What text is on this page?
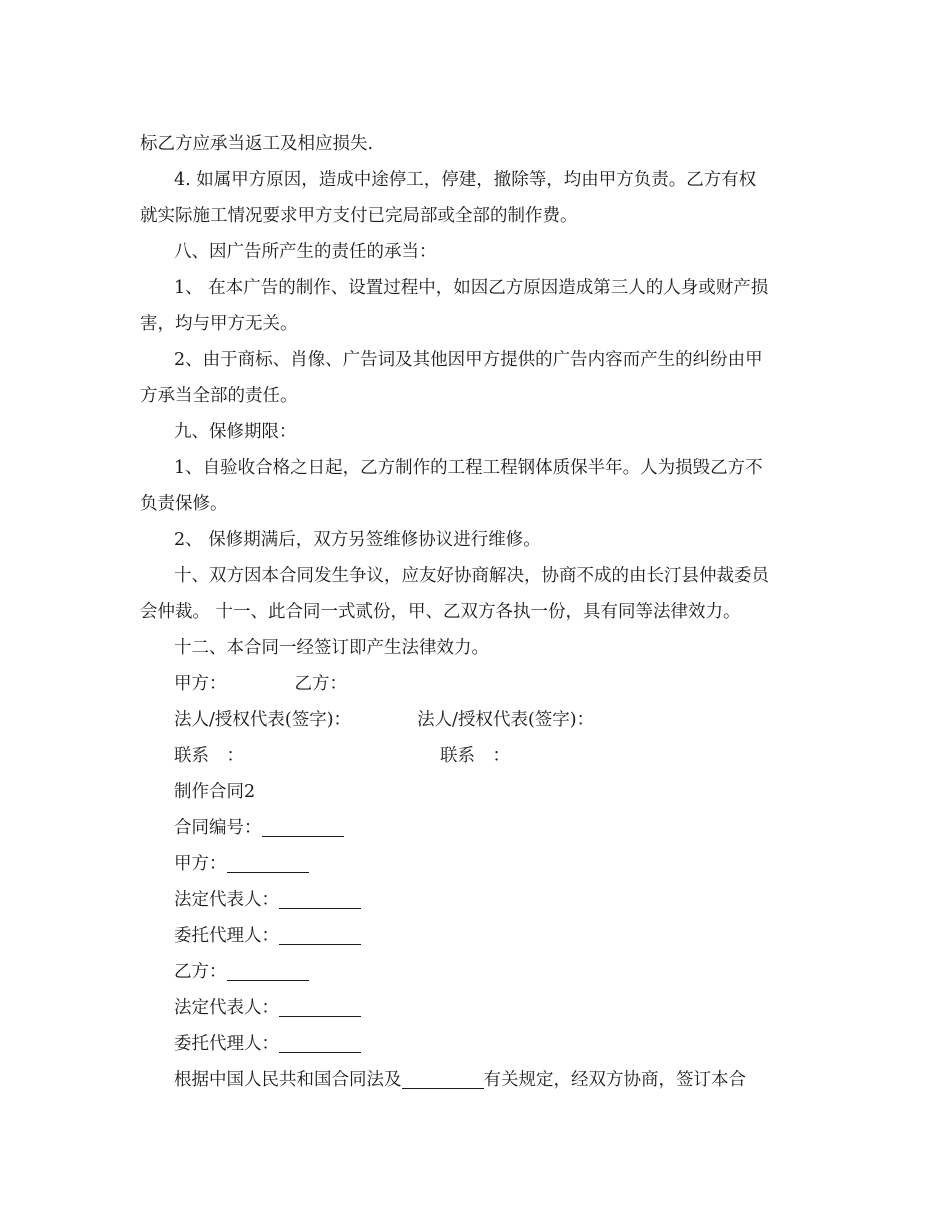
标乙方应承当返工及相应损失.

4. 如属甲方原因，造成中途停工，停建，撤除等，均由甲方负责。乙方有权

就实际施工情况要求甲方支付已完局部或全部的制作费。

八、因广告所产生的责任的承当：

1、 在本广告的制作、设置过程中，如因乙方原因造成第三人的人身或财产损

害，均与甲方无关。

2、由于商标、肖像、广告词及其他因甲方提供的广告内容而产生的纠纷由甲

方承当全部的责任。

九、保修期限：

1、自验收合格之日起，乙方制作的工程工程钢体质保半年。人为损毁乙方不

负责保修。

2、 保修期满后，双方另签维修协议进行维修。

十、双方因本合同发生争议，应友好协商解决，协商不成的由长汀县仲裁委员

会仲裁。 十一、此合同一式贰份，甲、乙双方各执一份，具有同等法律效力。

十二、本合同一经签订即产生法律效力。

甲方：	乙方：

法人/授权代表(签字)：	法人/授权代表(签字)：

联系　：	联系　：

制作合同2

合同编号：

甲方：

法定代表人：

委托代理人：

乙方：

法定代表人：

委托代理人：

根据中国人民共和国合同法及	有关规定，经双方协商，签订本合
